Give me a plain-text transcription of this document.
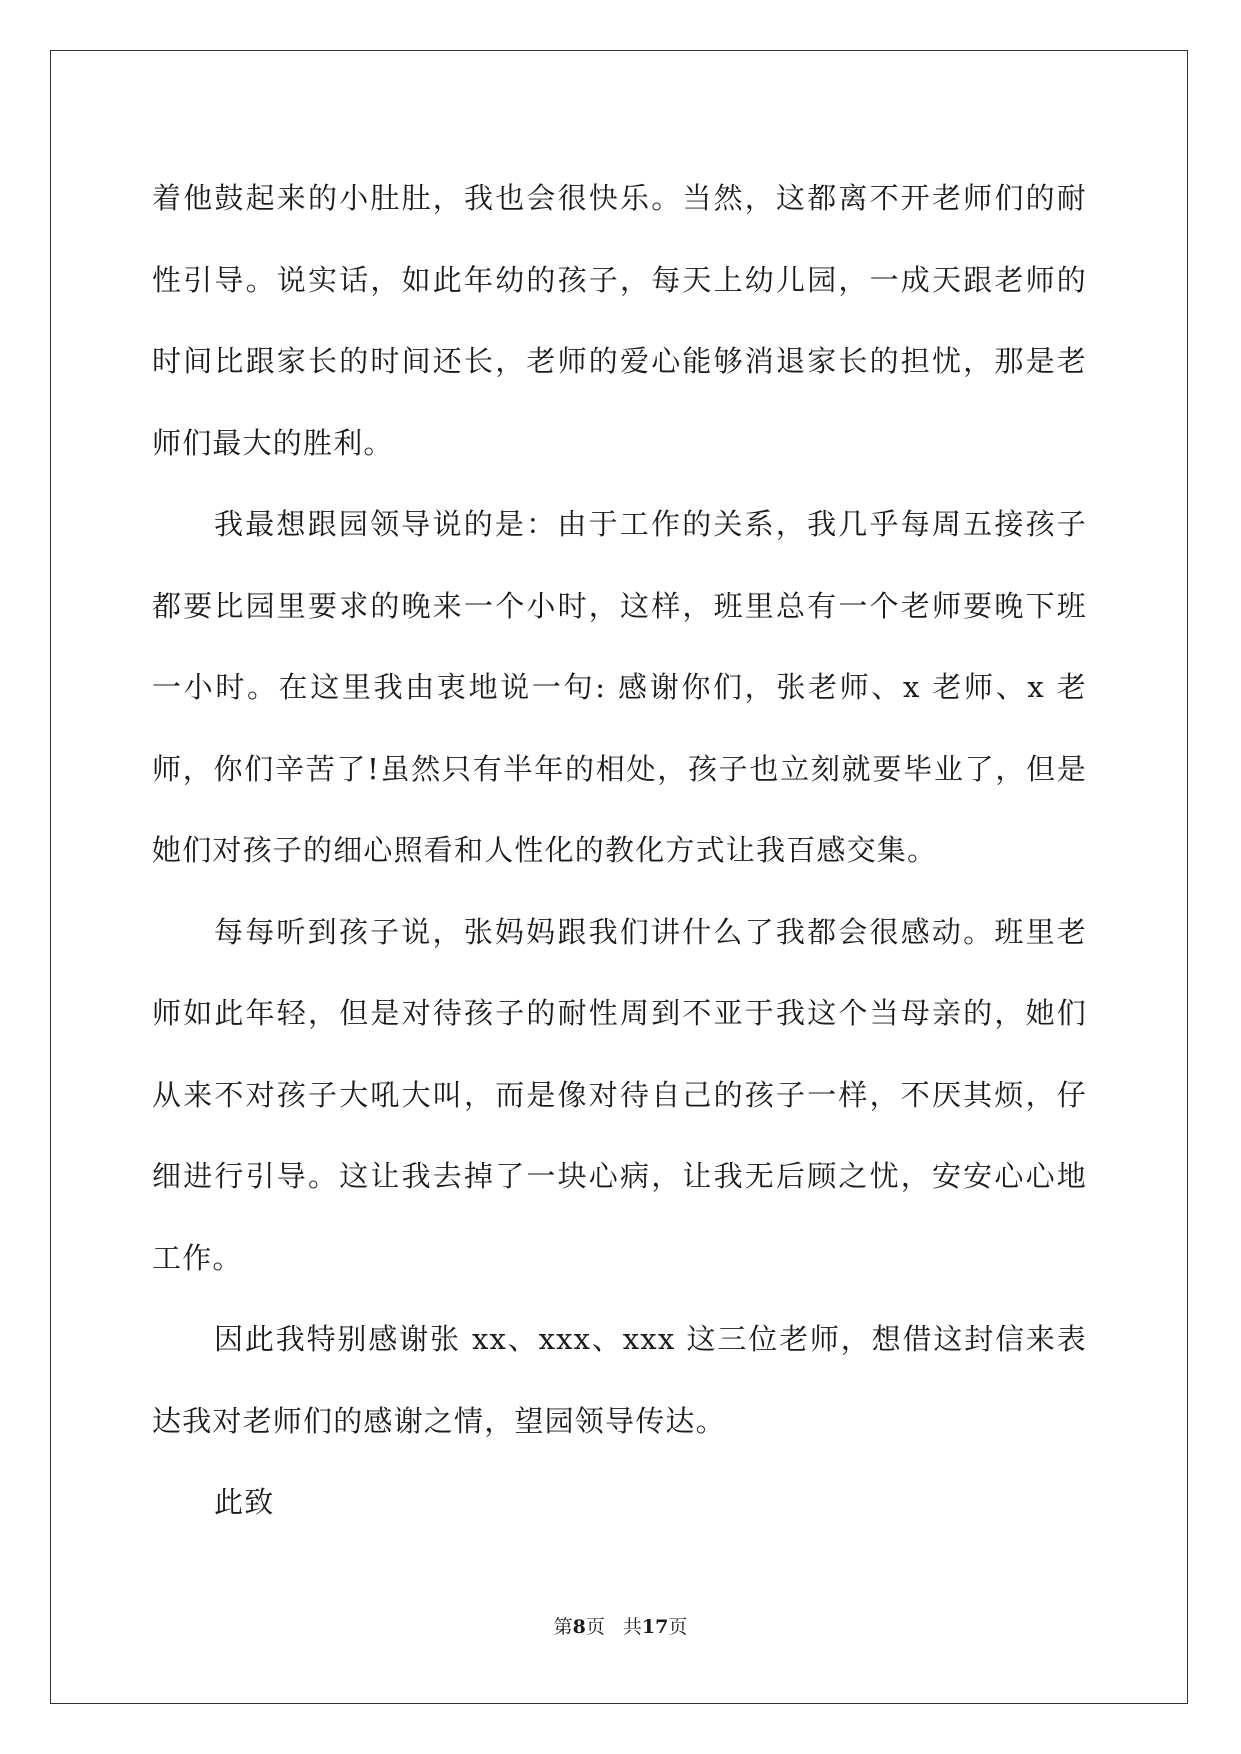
着他鼓起来的小肚肚，我也会很快乐。当然，这都离不开老师们的耐性引导。说实话，如此年幼的孩子，每天上幼儿园，一成天跟老师的时间比跟家长的时间还长，老师的爱心能够消退家长的担忧，那是老师们最大的胜利。

我最想跟园领导说的是：由于工作的关系，我几乎每周五接孩子都要比园里要求的晚来一个小时，这样，班里总有一个老师要晚下班一小时。在这里我由衷地说一句: 感谢你们，张老师、x 老师、x 老师，你们辛苦了!虽然只有半年的相处，孩子也立刻就要毕业了，但是她们对孩子的细心照看和人性化的教化方式让我百感交集。

每每听到孩子说，张妈妈跟我们讲什么了我都会很感动。班里老师如此年轻，但是对待孩子的耐性周到不亚于我这个当母亲的，她们从来不对孩子大吼大叫，而是像对待自己的孩子一样，不厌其烦，仔细进行引导。这让我去掉了一块心病，让我无后顾之忧，安安心心地工作。

因此我特别感谢张 xx、xxx、xxx 这三位老师，想借这封信来表达我对老师们的感谢之情，望园领导传达。

此致

第8页 共17页
